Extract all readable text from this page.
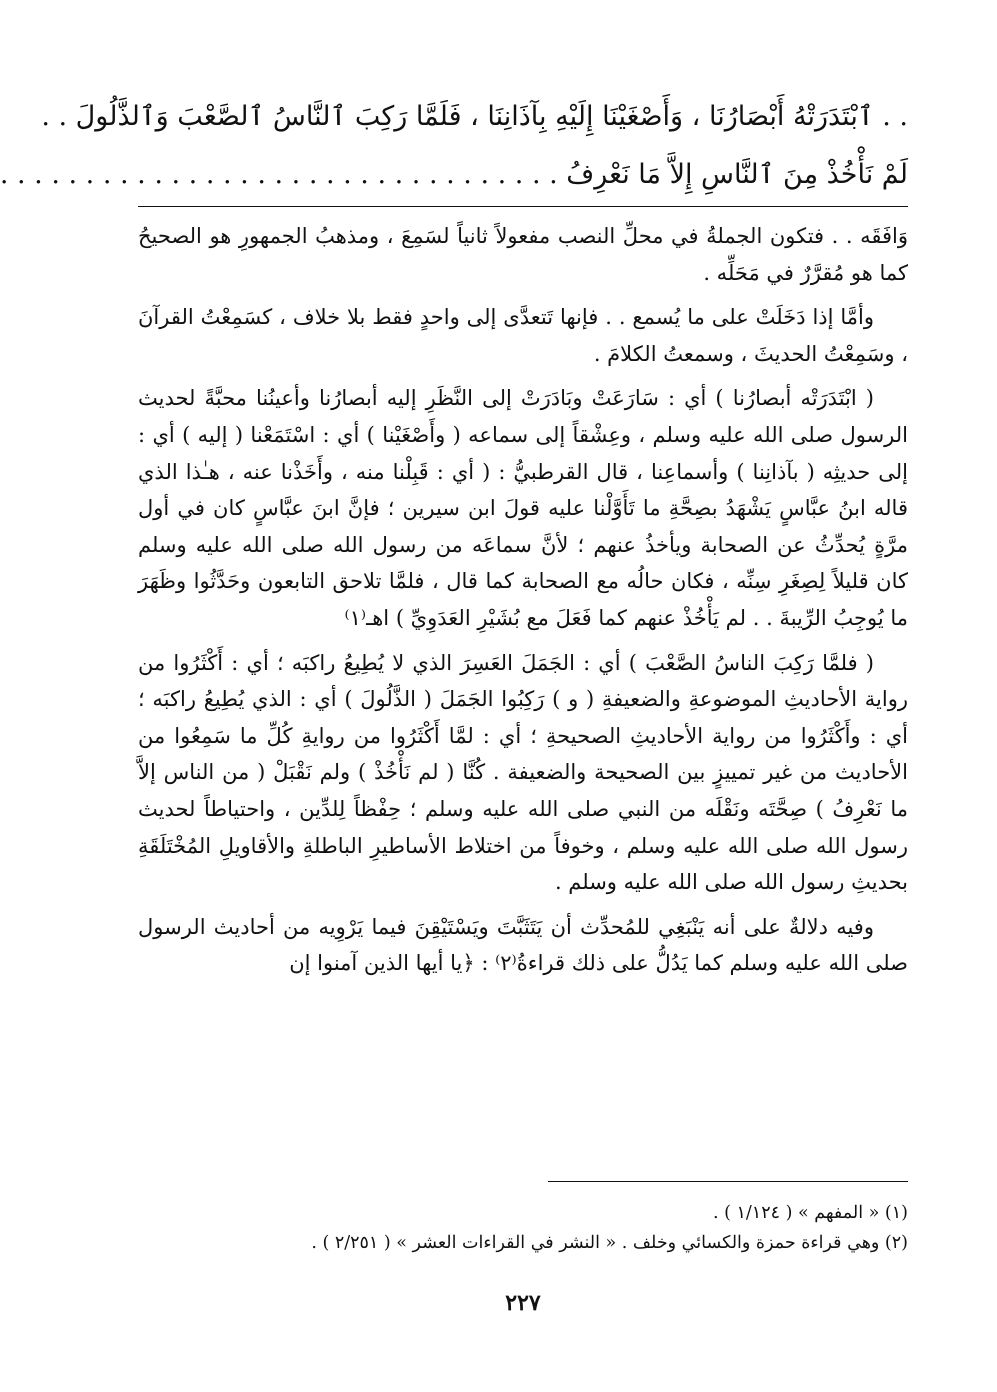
. . ٱبْتَدَرَتْهُ أَبْصَارُنَا ، وَأَصْغَيْنَا إِلَيْهِ بِآذَانِنَا ، فَلَمَّا رَكِبَ ٱلنَّاسُ ٱلصَّعْبَ وَٱلذَّلُولَ . .
لَمْ نَأْخُذْ مِنَ ٱلنَّاسِ إِلاَّ مَا نَعْرِفُ . . . . . . . . . . . . . . . . . . . . . . . . . . . . . . . . .

وَافَقَه . . فتكون الجملةُ في محلِّ النصب مفعولاً ثانياً لسَمِعَ ، ومذهبُ الجمهورِ هو الصحيحُ كما هو مُقرَّرٌ في مَحَلِّه .

وأمَّا إذا دَخَلَتْ على ما يُسمع . . فإنها تَتعدَّى إلى واحدٍ فقط بلا خلاف ، كسَمِعْتُ القرآنَ ، وسَمِعْتُ الحديثَ ، وسمعتُ الكلامَ .

( ابْتَدَرَتْه أبصارُنا ) أي : سَارَعَتْ وبَادَرَتْ إلى النَّظَرِ إليه أبصارُنا وأعينُنا محبَّةً لحديث الرسول صلى الله عليه وسلم ، وعِشْقاً إلى سماعه ( وأَصْغَيْنا ) أي : اسْتَمَعْنا ( إليه ) أي : إلى حديثِه ( بآذانِنا ) وأسماعِنا ، قال القرطبيُّ : ( أي : قَبِلْنا منه ، وأَخَذْنا عنه ، هـٰذا الذي قاله ابنُ عبَّاسٍ يَشْهَدُ بصِحَّةِ ما تَأَوَّلْنا عليه قولَ ابن سيرين ؛ فإنَّ ابنَ عبَّاسٍ كان في أول مرَّةٍ يُحدِّثُ عن الصحابة ويأخذُ عنهم ؛ لأنَّ سماعَه من رسول الله صلى الله عليه وسلم كان قليلاً لِصِغَرِ سِنِّه ، فكان حالُه مع الصحابة كما قال ، فلمَّا تلاحق التابعون وحَدَّثُوا وظَهَرَ ما يُوجِبُ الرِّيبةَ . . لم يَأْخُذْ عنهم كما فَعَلَ مع بُشَيْرِ العَدَوِيِّ ) اهـ⁽١⁾

( فلمَّا رَكِبَ الناسُ الصَّعْبَ ) أي : الجَمَلَ العَسِرَ الذي لا يُطِيعُ راكبَه ؛ أي : أَكْثَرُوا من رواية الأحاديثِ الموضوعةِ والضعيفةِ ( و ) رَكِبُوا الجَمَلَ ( الذَّلُولَ ) أي : الذي يُطِيعُ راكبَه ؛ أي : وأَكْثَرُوا من رواية الأحاديثِ الصحيحةِ ؛ أي : لمَّا أَكْثَرُوا من روايةِ كُلِّ ما سَمِعُوا من الأحاديث من غير تمييزٍ بين الصحيحة والضعيفة . كُنَّا ( لم نَأْخُذْ ) ولم نَقْبَلْ ( من الناس إلاَّ ما نَعْرِفُ ) صِحَّتَه ونَقْلَه من النبي صلى الله عليه وسلم ؛ حِفْظاً لِلدِّين ، واحتياطاً لحديث رسول الله صلى الله عليه وسلم ، وخوفاً من اختلاط الأساطيرِ الباطلةِ والأقاويلِ المُخْتَلَقَةِ بحديثِ رسول الله صلى الله عليه وسلم .

وفيه دلالةٌ على أنه يَنْبَغِي للمُحدِّث أن يَتَثَبَّتَ ويَسْتَيْقِنَ فيما يَرْوِيه من أحاديث الرسول صلى الله عليه وسلم كما يَدُلُّ على ذلك قراءةُ⁽٢⁾ : ﴿يا أيها الذين آمنوا إن

(١) « المفهم » ( ١/١٢٤ ) .
(٢) وهي قراءة حمزة والكسائي وخلف . « النشر في القراءات العشر » ( ٢/٢٥١ ) .
٢٢٧
